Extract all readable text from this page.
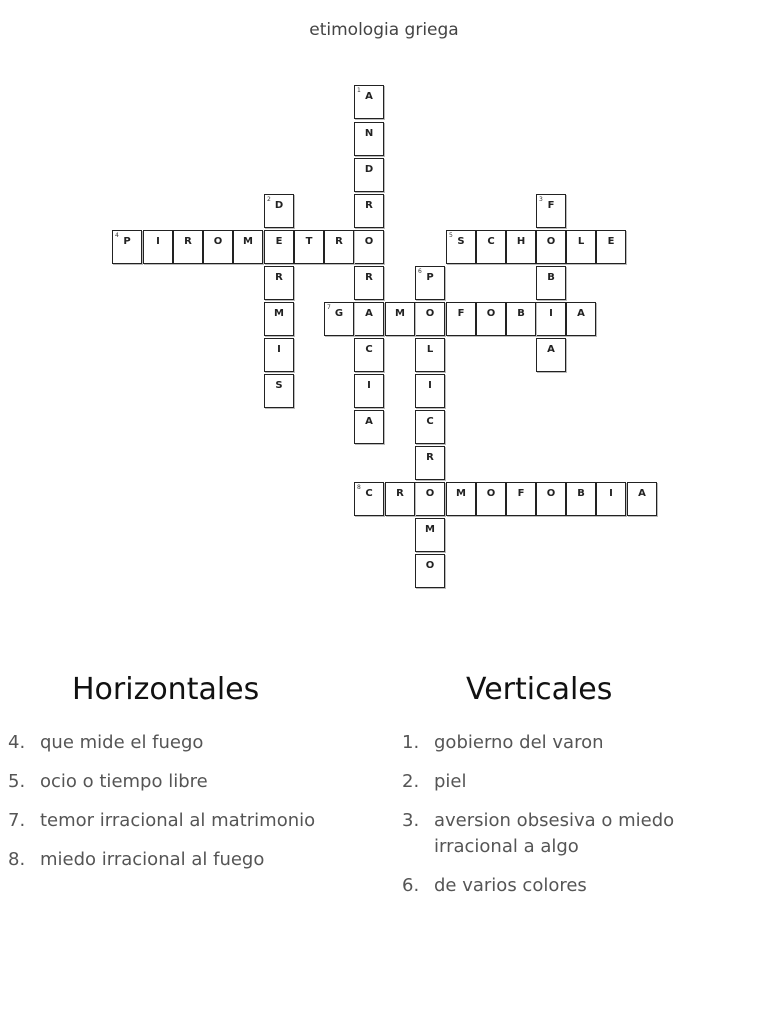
etimologia griega
1
A
N
D
R
O
R
A
C
I
A
2
D
E
R
M
I
S
4
P	I	R	O	M	T	R
5
S	C	H	O	L	E
3
F
B
I
A
6
P
O
L
I
C
R
O
M
O
7
G	M	F	O	B	A
8
C	R	M	O	F	O	B	I	A
Horizontales	Verticales
4. que mide el fuego
5. ocio o tiempo libre
7. temor irracional al matrimonio
8. miedo irracional al fuego
1. gobierno del varon
2. piel
3. aversion obsesiva o miedo irracional a algo
6. de varios colores
